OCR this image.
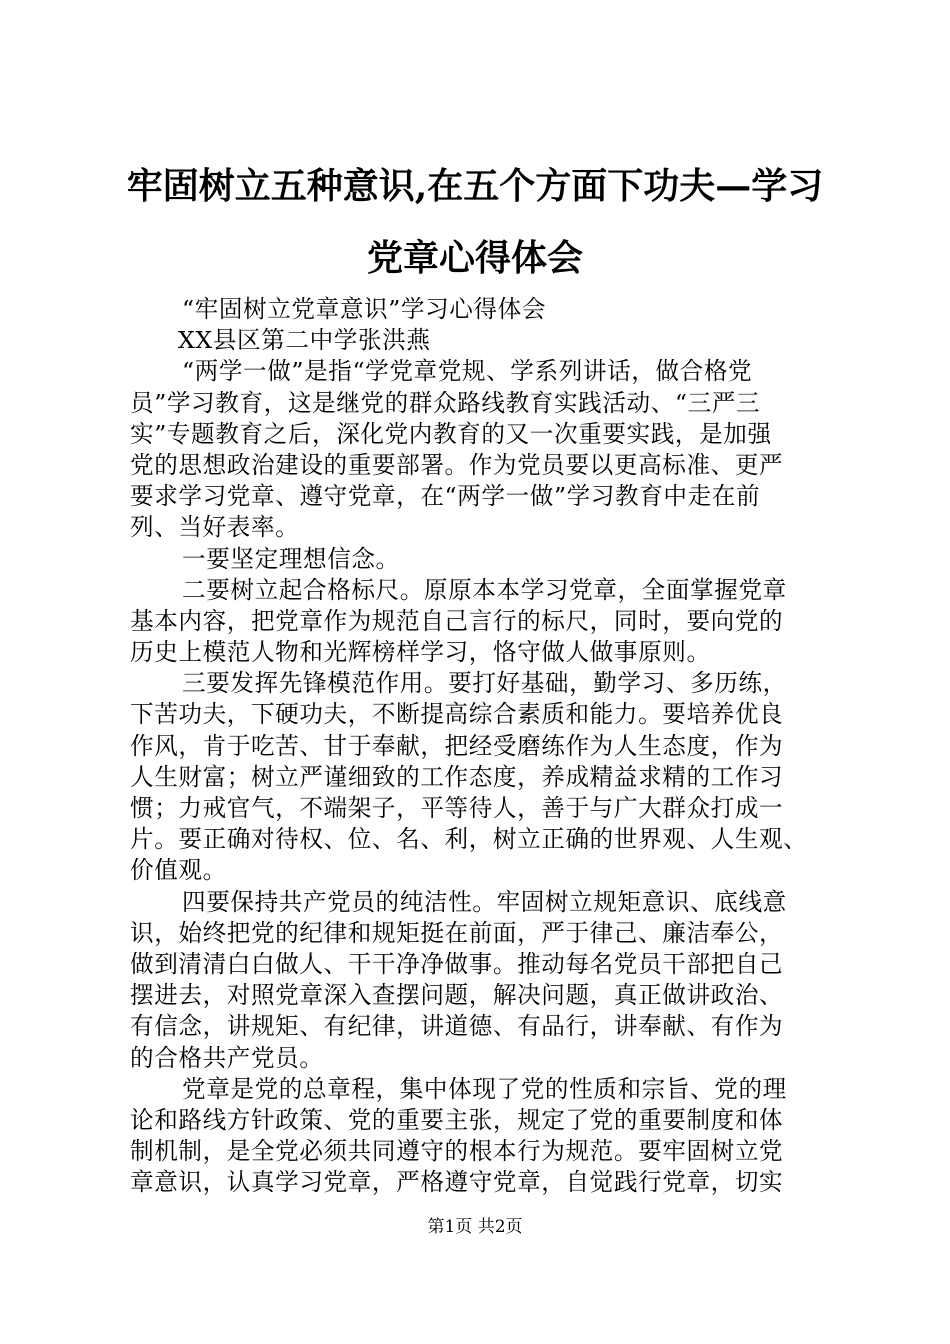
牢固树立五种意识,在五个方面下功夫—学习
党章心得体会
“牢固树立党章意识”学习心得体会
XX县区第二中学张洪燕
“两学一做”是指“学党章党规、学系列讲话，做合格党
员”学习教育，这是继党的群众路线教育实践活动、“三严三
实”专题教育之后，深化党内教育的又一次重要实践，是加强
党的思想政治建设的重要部署。作为党员要以更高标准、更严
要求学习党章、遵守党章，在“两学一做”学习教育中走在前
列、当好表率。
一要坚定理想信念。
二要树立起合格标尺。原原本本学习党章，全面掌握党章
基本内容，把党章作为规范自己言行的标尺，同时，要向党的
历史上模范人物和光辉榜样学习，恪守做人做事原则。
三要发挥先锋模范作用。要打好基础，勤学习、多历练，
下苦功夫，下硬功夫，不断提高综合素质和能力。要培养优良
作风，肯于吃苦、甘于奉献，把经受磨练作为人生态度，作为
人生财富；树立严谨细致的工作态度，养成精益求精的工作习
惯；力戒官气，不端架子，平等待人，善于与广大群众打成一
片。要正确对待权、位、名、利，树立正确的世界观、人生观、
价值观。
四要保持共产党员的纯洁性。牢固树立规矩意识、底线意
识，始终把党的纪律和规矩挺在前面，严于律己、廉洁奉公，
做到清清白白做人、干干净净做事。推动每名党员干部把自己
摆进去，对照党章深入查摆问题，解决问题，真正做讲政治、
有信念，讲规矩、有纪律，讲道德、有品行，讲奉献、有作为
的合格共产党员。
党章是党的总章程，集中体现了党的性质和宗旨、党的理
论和路线方针政策、党的重要主张，规定了党的重要制度和体
制机制，是全党必须共同遵守的根本行为规范。要牢固树立党
章意识，认真学习党章，严格遵守党章，自觉践行党章，切实
第1页 共2页
